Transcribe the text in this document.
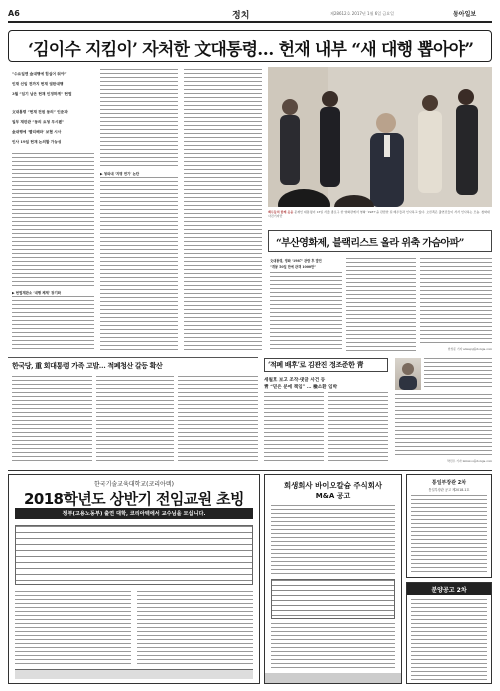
A6	정치	제28612호 2017년 1월 6일 금요일	동아일보
‘김이수 지킴이’ 자처한 文대통령… 헌재 내부 “새 대행 뽑아야”
“수요일엔 金대행에 힘실어 줘야”
인재 선임 전까지 헌재 권한대행
3월 “임기 남은 헌재 인정하게” 헌법
文대통령 “헌재 전원 동의” 인준과
일부 재판관 “동의 요청 무시됐”
金대행에 ‘빨리해라’ 보협 시사
인사 19일 헌재 논의할 가능성
▶ 헌법재판소 ‘대행 체제’ 장기화
▶ 청와대 ‘지명 연기’ 논란
백두들의 함께 웃음 문재인 대통령이 13일 서울 종로구 한 영화관에서 영화 ‘1987’을 관람한 뒤 배우들과 인사하고 있다. 오른쪽은 출연진들이 서서 인사하는 모습. 청와대사진기자단
“부산영화제, 블랙리스트 올라 위축 가슴아파”
文대통령, 영화 ‘1987’ 관람 후 발언
“개봉 50일 만에 관객 1000만”
한상준 기자 alwaysj@donga.com
한국당, 重 회대통령 가족 고발… 적폐청산 갈등 확산	‘적폐 배후’로 김관진 정조준한 靑
세월호 보고 조작·댓글 사건 등
靑 “믿은 분에 책임” … 檢소환 임박
박민우 기자 minwoo@donga.com
한국기술교육대학교(코리아텍)
2018학년도 상반기 전임교원 초빙
정부(고용노동부) 출연 대학, 코리아텍에서 교수님을 모십니다.
회생회사 바이오칼슘 주식회사
M&A 공고
통일부장관 2차
통일부장관 공고 제2018-1호
분양공고 2차
